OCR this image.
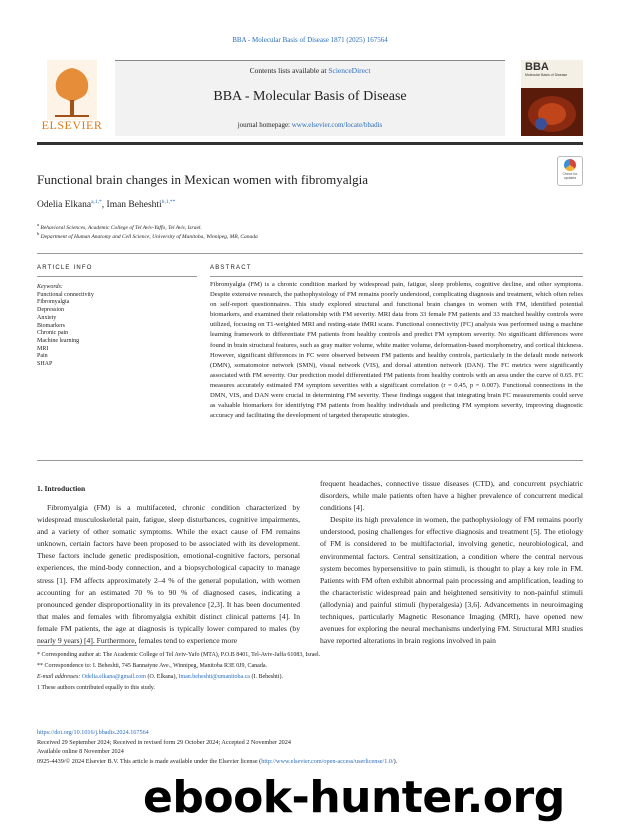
BBA - Molecular Basis of Disease 1871 (2025) 167564
ELSEVIER
Contents lists available at ScienceDirect
BBA - Molecular Basis of Disease
journal homepage: www.elsevier.com/locate/bbadis
BBA
Molecular Basis of Disease
Functional brain changes in Mexican women with fibromyalgia	Check for updates
Odelia Elkana$^{a,1,*}$, Iman Beheshti$^{b,1,**}$
$^a$ Behavioral Sciences, Academic College of Tel Aviv-Yaffo, Tel Aviv, Israel.
$^b$ Department of Human Anatomy and Cell Science, University of Manitoba, Winnipeg, MB, Canada
ARTICLE INFO	ABSTRACT
Keywords:
Functional connectivity
Fibromyalgia
Depression
Anxiety
Biomarkers
Chronic pain
Machine learning
MRI
Pain
SHAP
Fibromyalgia (FM) is a chronic condition marked by widespread pain, fatigue, sleep problems, cognitive decline, and other symptoms. Despite extensive research, the pathophysiology of FM remains poorly understood, complicating diagnosis and treatment, which often relies on self-report questionnaires. This study explored structural and functional brain changes in women with FM, identified potential biomarkers, and examined their relationship with FM severity. MRI data from 33 female FM patients and 33 matched healthy controls were utilized, focusing on T1-weighted MRI and resting-state fMRI scans. Functional connectivity (FC) analysis was performed using a machine learning framework to differentiate FM patients from healthy controls and predict FM symptom severity. No significant differences were found in brain structural features, such as gray matter volume, white matter volume, deformation-based morphometry, and cortical thickness. However, significant differences in FC were observed between FM patients and healthy controls, particularly in the default mode network (DMN), somatomotor network (SMN), visual network (VIS), and dorsal attention network (DAN). The FC metrics were significantly associated with FM severity. Our prediction model differentiated FM patients from healthy controls with an area under the curve of 0.65. FC measures accurately estimated FM symptom severities with a significant correlation (r = 0.45, p = 0.007). Functional connections in the DMN, VIS, and DAN were crucial in determining FM severity. These findings suggest that integrating brain FC measurements could serve as valuable biomarkers for identifying FM patients from healthy individuals and predicting FM symptom severity, improving diagnostic accuracy and facilitating the development of targeted therapeutic strategies.
1. Introduction

Fibromyalgia (FM) is a multifaceted, chronic condition characterized by widespread musculoskeletal pain, fatigue, sleep disturbances, cognitive impairments, and a variety of other somatic symptoms. While the exact cause of FM remains unknown, certain factors have been proposed to be associated with its development. These factors include genetic predisposition, emotional-cognitive factors, personal experiences, the mind-body connection, and a biopsychological capacity to manage stress [1]. FM affects approximately 2–4 % of the general population, with women accounting for an estimated 70 % to 90 % of diagnosed cases, indicating a pronounced gender disproportionality in its prevalence [2,3]. It has been documented that males and females with fibromyalgia exhibit distinct clinical patterns [4]. In female FM patients, the age at diagnosis is typically lower compared to males (by nearly 9 years) [4]. Furthermore, females tend to experience more

frequent headaches, connective tissue diseases (CTD), and concurrent psychiatric disorders, while male patients often have a higher prevalence of concurrent medical conditions [4].

Despite its high prevalence in women, the pathophysiology of FM remains poorly understood, posing challenges for effective diagnosis and treatment [5]. The etiology of FM is considered to be multifactorial, involving genetic, neurobiological, and environmental factors. Central sensitization, a condition where the central nervous system becomes hypersensitive to pain stimuli, is thought to play a key role in FM. Patients with FM often exhibit abnormal pain processing and amplification, leading to the characteristic widespread pain and heightened sensitivity to non-painful stimuli (allodynia) and painful stimuli (hyperalgesia) [3,6]. Advancements in neuroimaging techniques, particularly Magnetic Resonance Imaging (MRI), have opened new avenues for exploring the neural mechanisms underlying FM. Structural MRI studies have reported alterations in brain regions involved in pain

* Corresponding author at: The Academic College of Tel Aviv-Yafo (MTA), P.O.B 8401, Tel-Aviv-Jaffa 61083, Israel.
** Correspondence to: I. Beheshti, 745 Bannatyne Ave., Winnipeg, Manitoba R3E 0J9, Canada.
E-mail addresses: Odelia.elkana@gmail.com (O. Elkana), Iman.beheshti@umanitoba.ca (I. Beheshti).
1 These authors contributed equally to this study.
https://doi.org/10.1016/j.bbadis.2024.167564
Received 29 September 2024; Received in revised form 29 October 2024; Accepted 2 November 2024
Available online 8 November 2024
0925-4439/© 2024 Elsevier B.V. This article is made available under the Elsevier license (http://www.elsevier.com/open-access/userlicense/1.0/).
ebook-hunter.org
